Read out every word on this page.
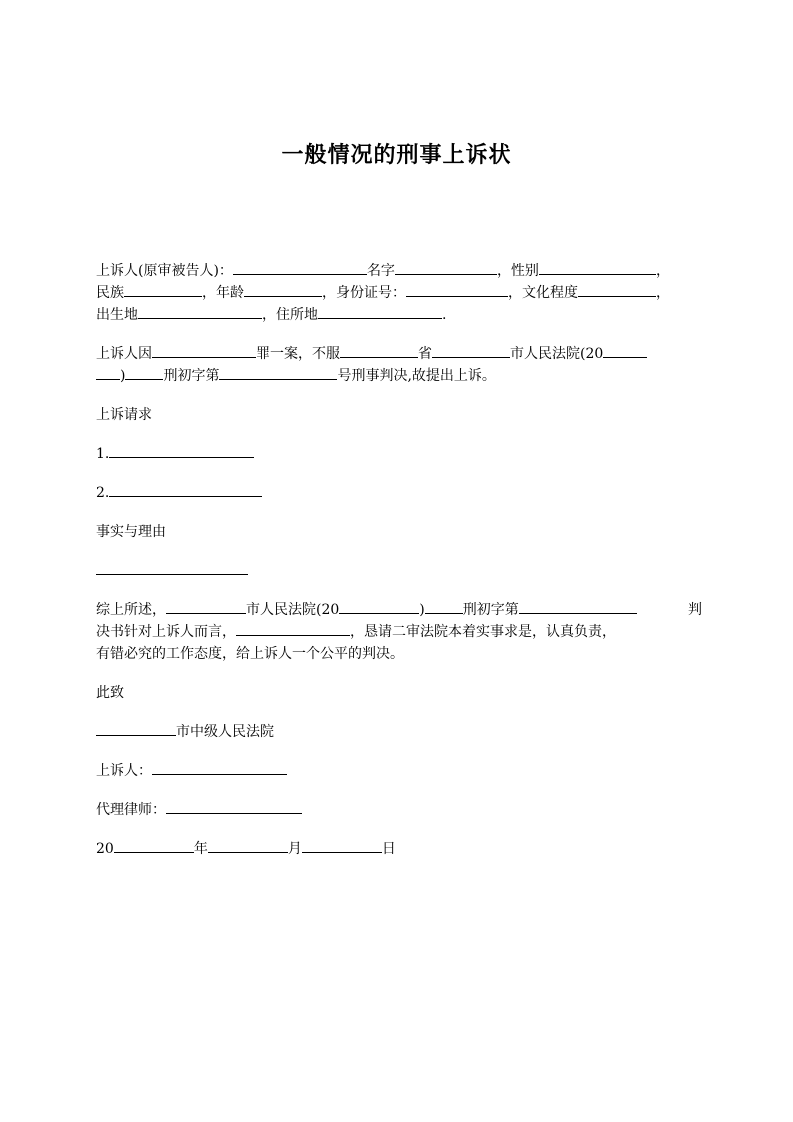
一般情况的刑事上诉状
上诉人(原审被告人)：	名字	，性别	，
民族	，年龄	，身份证号：	，文化程度	，
出生地	，住所地	.
上诉人因	罪一案，不服	省	市人民法院(20
)	刑初字第	号刑事判决,故提出上诉。
上诉请求
1.
2.
事实与理由
综上所述，	市人民法院(20	)	刑初字第	判
决书针对上诉人而言，	，恳请二审法院本着实事求是，认真负责，
有错必究的工作态度，给上诉人一个公平的判决。
此致
市中级人民法院
上诉人：
代理律师：
20	年	月	日
